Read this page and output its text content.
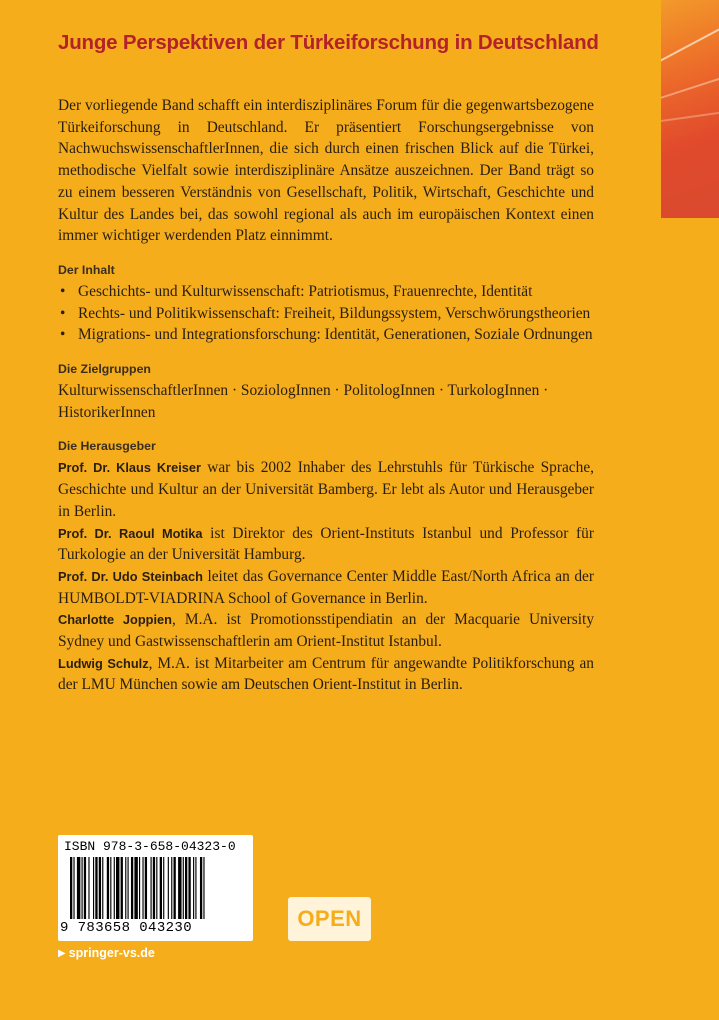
Junge Perspektiven der Türkeiforschung in Deutschland

Der vorliegende Band schafft ein interdisziplinäres Forum für die gegenwartsbezogene Türkeiforschung in Deutschland. Er präsentiert Forschungsergebnisse von NachwuchswissenschaftlerInnen, die sich durch einen frischen Blick auf die Türkei, methodische Vielfalt sowie interdisziplinäre Ansätze auszeichnen. Der Band trägt so zu einem besseren Verständnis von Gesellschaft, Politik, Wirtschaft, Geschichte und Kultur des Landes bei, das sowohl regional als auch im europäischen Kontext einen immer wichtiger werdenden Platz einnimmt.

Der Inhalt

• Geschichts- und Kulturwissenschaft: Patriotismus, Frauenrechte, Identität
• Rechts- und Politikwissenschaft: Freiheit, Bildungssystem, Verschwörungstheorien
• Migrations- und Integrationsforschung: Identität, Generationen, Soziale Ordnungen

Die Zielgruppen

KulturwissenschaftlerInnen · SoziologInnen · PolitologInnen · TurkologInnen · HistorikerInnen

Die Herausgeber

Prof. Dr. Klaus Kreiser war bis 2002 Inhaber des Lehrstuhls für Türkische Sprache, Geschichte und Kultur an der Universität Bamberg. Er lebt als Autor und Herausgeber in Berlin.

Prof. Dr. Raoul Motika ist Direktor des Orient-Instituts Istanbul und Professor für Turkologie an der Universität Hamburg.

Prof. Dr. Udo Steinbach leitet das Governance Center Middle East/North Africa an der HUMBOLDT-VIADRINA School of Governance in Berlin.

Charlotte Joppien, M.A. ist Promotionsstipendiatin an der Macquarie University Sydney und Gastwissenschaftlerin am Orient-Institut Istanbul.

Ludwig Schulz, M.A. ist Mitarbeiter am Centrum für angewandte Politikforschung an der LMU München sowie am Deutschen Orient-Institut in Berlin.

ISBN 978-3-658-04323-0
9 783658 043230	OPEN
▶ springer-vs.de
